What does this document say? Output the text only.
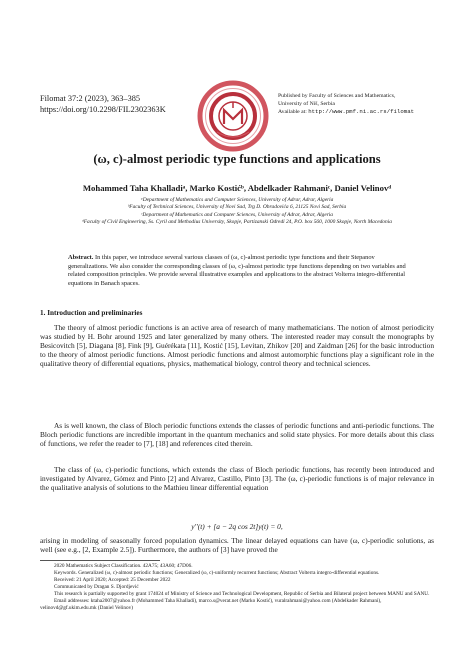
Filomat 37:2 (2023), 363–385
https://doi.org/10.2298/FIL2302363K
Published by Faculty of Sciences and Mathematics,
University of Niš, Serbia
Available at: http://www.pmf.ni.ac.rs/filomat
(ω, c)-almost periodic type functions and applications
Mohammed Taha Khalladiᵃ, Marko Kostićᵇ, Abdelkader Rahmaniᶜ, Daniel Velinovᵈ
ᵃDepartment of Mathematics and Computer Sciences, University of Adrar, Adrar, Algeria
ᵇFaculty of Technical Sciences, University of Novi Sad, Trg D. Obradovića 6, 21125 Novi Sad, Serbia
ᶜDepartment of Mathematics and Computer Sciences, University of Adrar, Adrar, Algeria
ᵈFaculty of Civil Engineering, Ss. Cyril and Methodius University, Skopje, Partizanski Odredi 24, P.O. box 560, 1000 Skopje, North Macedonia
Abstract. In this paper, we introduce several various classes of (ω, c)-almost periodic type functions and their Stepanov generalizations. We also consider the corresponding classes of (ω, c)-almost periodic type functions depending on two variables and related composition principles. We provide several illustrative examples and applications to the abstract Volterra integro-differential equations in Banach spaces.
1. Introduction and preliminaries

The theory of almost periodic functions is an active area of research of many mathematicians. The notion of almost periodicity was studied by H. Bohr around 1925 and later generalized by many others. The interested reader may consult the monographs by Besicovitch [5], Diagana [8], Fink [9], Guérékata [11], Kostić [15], Levitan, Zhikov [20] and Zaidman [26] for the basic introduction to the theory of almost periodic functions. Almost periodic functions and almost automorphic functions play a significant role in the qualitative theory of differential equations, physics, mathematical biology, control theory and technical sciences.

As is well known, the class of Bloch periodic functions extends the classes of periodic functions and anti-periodic functions. The Bloch periodic functions are incredible important in the quantum mechanics and solid state physics. For more details about this class of functions, we refer the reader to [7], [18] and references cited therein.

The class of (ω, c)-periodic functions, which extends the class of Bloch periodic functions, has recently been introduced and investigated by Alvarez, Gómez and Pinto [2] and Alvarez, Castillo, Pinto [3]. The (ω, c)-periodic functions is of major relevance in the qualitative analysis of solutions to the Mathieu linear differential equation

y′′(t) + [a − 2q cos 2t]y(t) = 0,

arising in modeling of seasonally forced population dynamics. The linear delayed equations can have (ω, c)-periodic solutions, as well (see e.g., [2, Example 2.5]). Furthermore, the authors of [3] have proved the

2020 Mathematics Subject Classification. 42A75; 43A60; 47D06.

Keywords. Generalized (ω, c)-almost periodic functions; Generalized (ω, c)-uniformly recurrent functions; Abstract Volterra integro-differential equations.

Received: 21 April 2020; Accepted: 25 December 2022

Communicated by Dragan S. Djordjević

This research is partially supported by grant 174024 of Ministry of Science and Technological Development, Republic of Serbia and Bilateral project between MANU and SANU.

Email addresses: ktaha2007@yahoo.fr (Mohammed Taha Khalladi), marco.s@verat.net (Marko Kostić), vuralrahmani@yahoo.com (Abdelkader Rahmani), velinovd@gf.ukim.edu.mk (Daniel Velinov)
